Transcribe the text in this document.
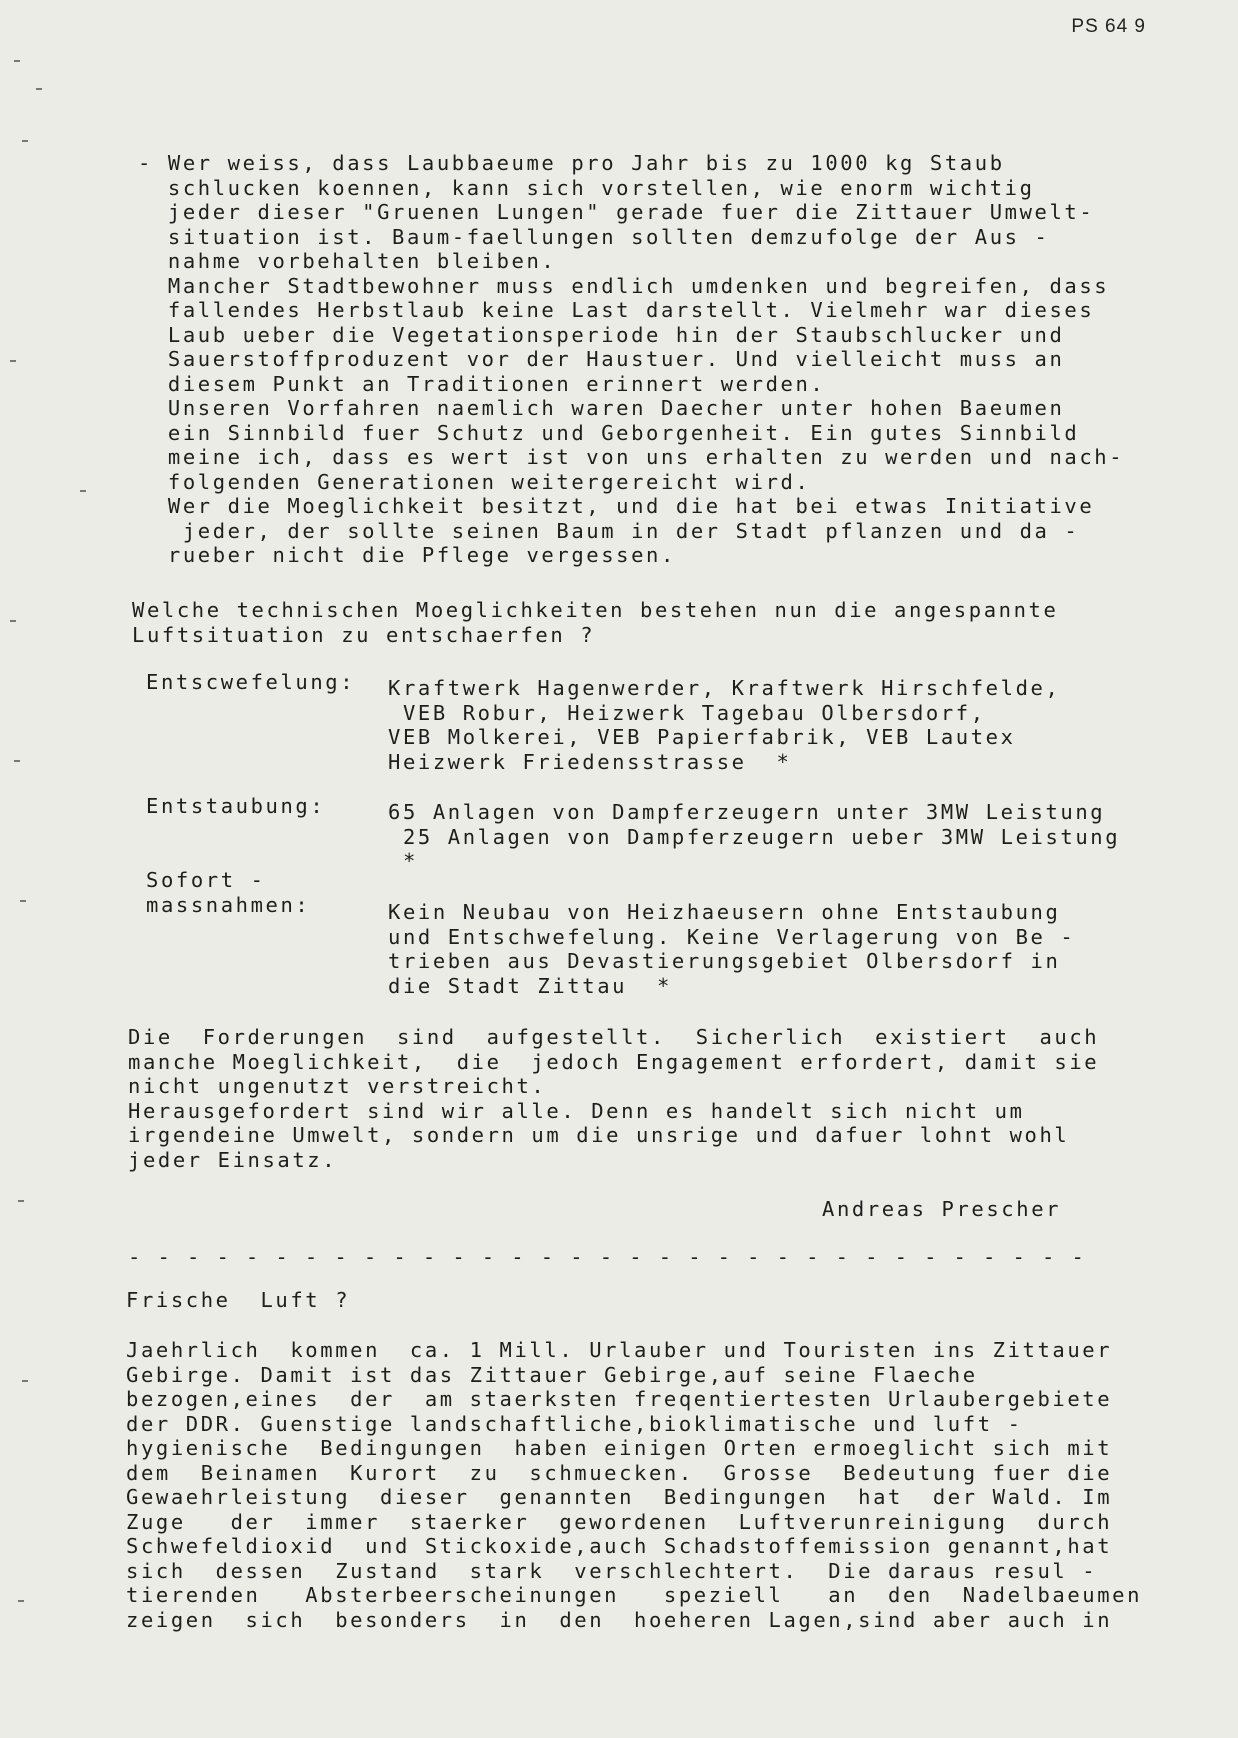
PS 64 9
- Wer weiss, dass Laubbaeume pro Jahr bis zu 1000 kg Staub
schlucken koennen, kann sich vorstellen, wie enorm wichtig
jeder dieser "Gruenen Lungen" gerade fuer die Zittauer Umwelt-
situation ist. Baum-faellungen sollten demzufolge der Aus -
nahme vorbehalten bleiben.
Mancher Stadtbewohner muss endlich umdenken und begreifen, dass
fallendes Herbstlaub keine Last darstellt. Vielmehr war dieses
Laub ueber die Vegetationsperiode hin der Staubschlucker und
Sauerstoffproduzent vor der Haustuer. Und vielleicht muss an
diesem Punkt an Traditionen erinnert werden.
Unseren Vorfahren naemlich waren Daecher unter hohen Baeumen
ein Sinnbild fuer Schutz und Geborgenheit. Ein gutes Sinnbild
meine ich, dass es wert ist von uns erhalten zu werden und nach-
folgenden Generationen weitergereicht wird.
Wer die Moeglichkeit besitzt, und die hat bei etwas Initiative
jeder, der sollte seinen Baum in der Stadt pflanzen und da -
rueber nicht die Pflege vergessen.
Welche technischen Moeglichkeiten bestehen nun die angespannte
Luftsituation zu entschaerfen ?
Entscwefelung: Kraftwerk Hagenwerder, Kraftwerk Hirschfelde,
VEB Robur, Heizwerk Tagebau Olbersdorf,
VEB Molkerei, VEB Papierfabrik, VEB Lautex
Heizwerk Friedensstrasse  *
Entstaubung:	65 Anlagen von Dampferzeugern unter 3MW Leistung
25 Anlagen von Dampferzeugern ueber 3MW Leistung
*
Sofort -
massnahmen:	Kein Neubau von Heizhaeusern ohne Entstaubung
und Entschwefelung. Keine Verlagerung von Be -
trieben aus Devastierungsgebiet Olbersdorf in
die Stadt Zittau  *
Die  Forderungen  sind  aufgestellt.  Sicherlich  existiert  auch
manche Moeglichkeit,  die  jedoch Engagement erfordert, damit sie
nicht ungenutzt verstreicht.
Herausgefordert sind wir alle. Denn es handelt sich nicht um
irgendeine Umwelt, sondern um die unsrige und dafuer lohnt wohl
jeder Einsatz.
Andreas Prescher
- - - - - - - - - - - - - - - - - - - - - - - - - - - - - - - - -
Frische  Luft ?
Jaehrlich  kommen  ca. 1 Mill. Urlauber und Touristen ins Zittauer
Gebirge. Damit ist das Zittauer Gebirge,auf seine Flaeche
bezogen,eines  der  am staerksten freqentiertesten Urlaubergebiete
der DDR. Guenstige landschaftliche,bioklimatische und luft -
hygienische  Bedingungen  haben einigen Orten ermoeglicht sich mit
dem  Beinamen  Kurort  zu  schmuecken.  Grosse  Bedeutung fuer die
Gewaehrleistung  dieser  genannten  Bedingungen  hat  der Wald. Im
Zuge   der  immer  staerker  gewordenen  Luftverunreinigung  durch
Schwefeldioxid  und Stickoxide,auch Schadstoffemission genannt,hat
sich  dessen  Zustand  stark  verschlechtert.  Die daraus resul -
tierenden   Absterbeerscheinungen   speziell   an  den  Nadelbaeumen
zeigen  sich  besonders  in  den  hoeheren Lagen,sind aber auch in
